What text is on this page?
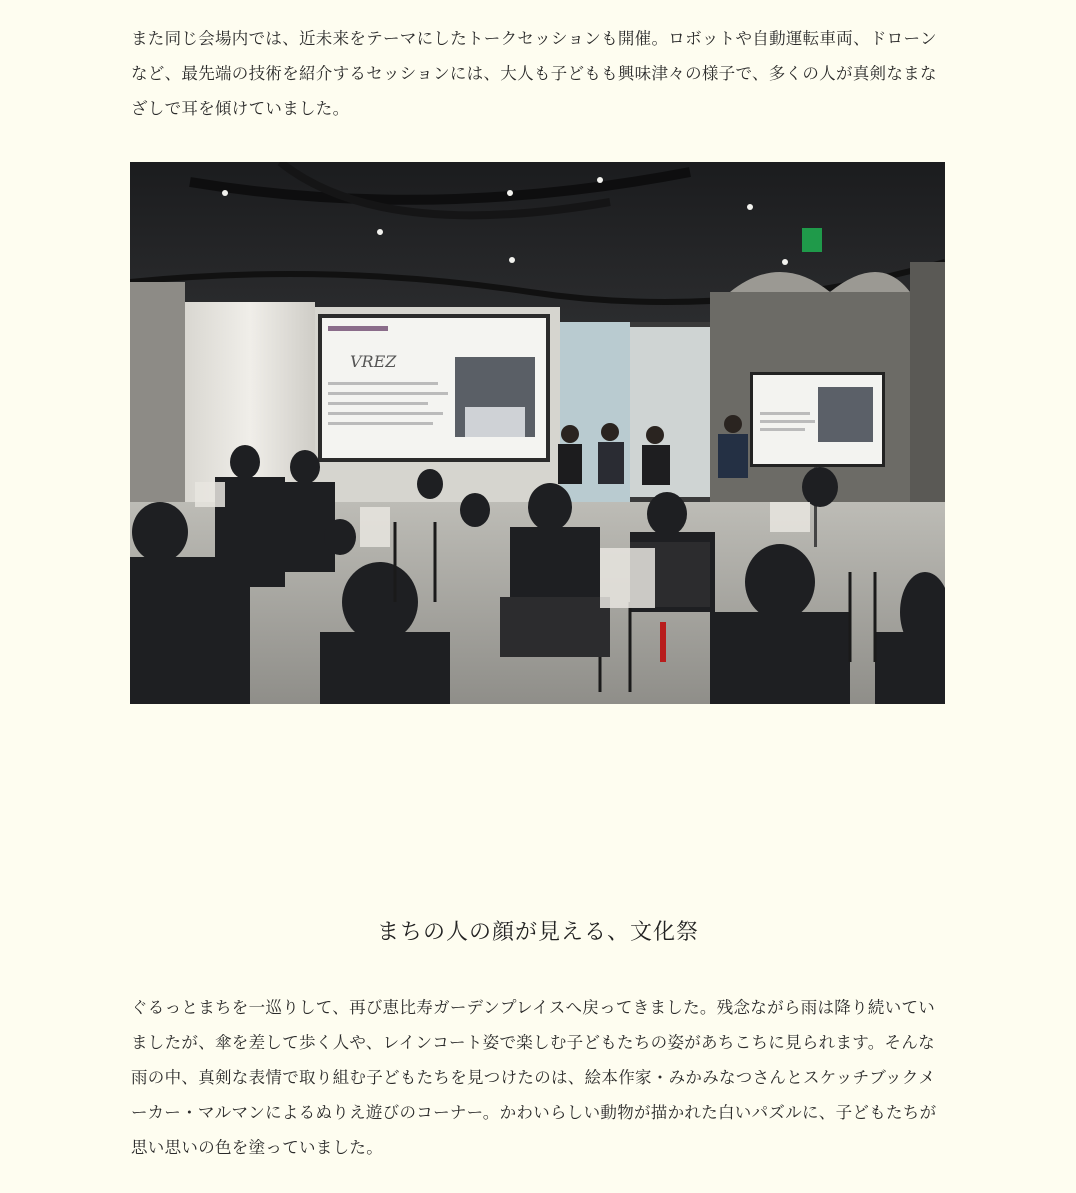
また同じ会場内では、近未来をテーマにしたトークセッションも開催。ロボットや自動運転車両、ドローンなど、最先端の技術を紹介するセッションには、大人も子どもも興味津々の様子で、多くの人が真剣なまなざしで耳を傾けていました。

VREZ
まちの人の顔が見える、文化祭

ぐるっとまちを一巡りして、再び恵比寿ガーデンプレイスへ戻ってきました。残念ながら雨は降り続いていましたが、傘を差して歩く人や、レインコート姿で楽しむ子どもたちの姿があちこちに見られます。そんな雨の中、真剣な表情で取り組む子どもたちを見つけたのは、絵本作家・みかみなつさんとスケッチブックメーカー・マルマンによるぬりえ遊びのコーナー。かわいらしい動物が描かれた白いパズルに、子どもたちが思い思いの色を塗っていました。
